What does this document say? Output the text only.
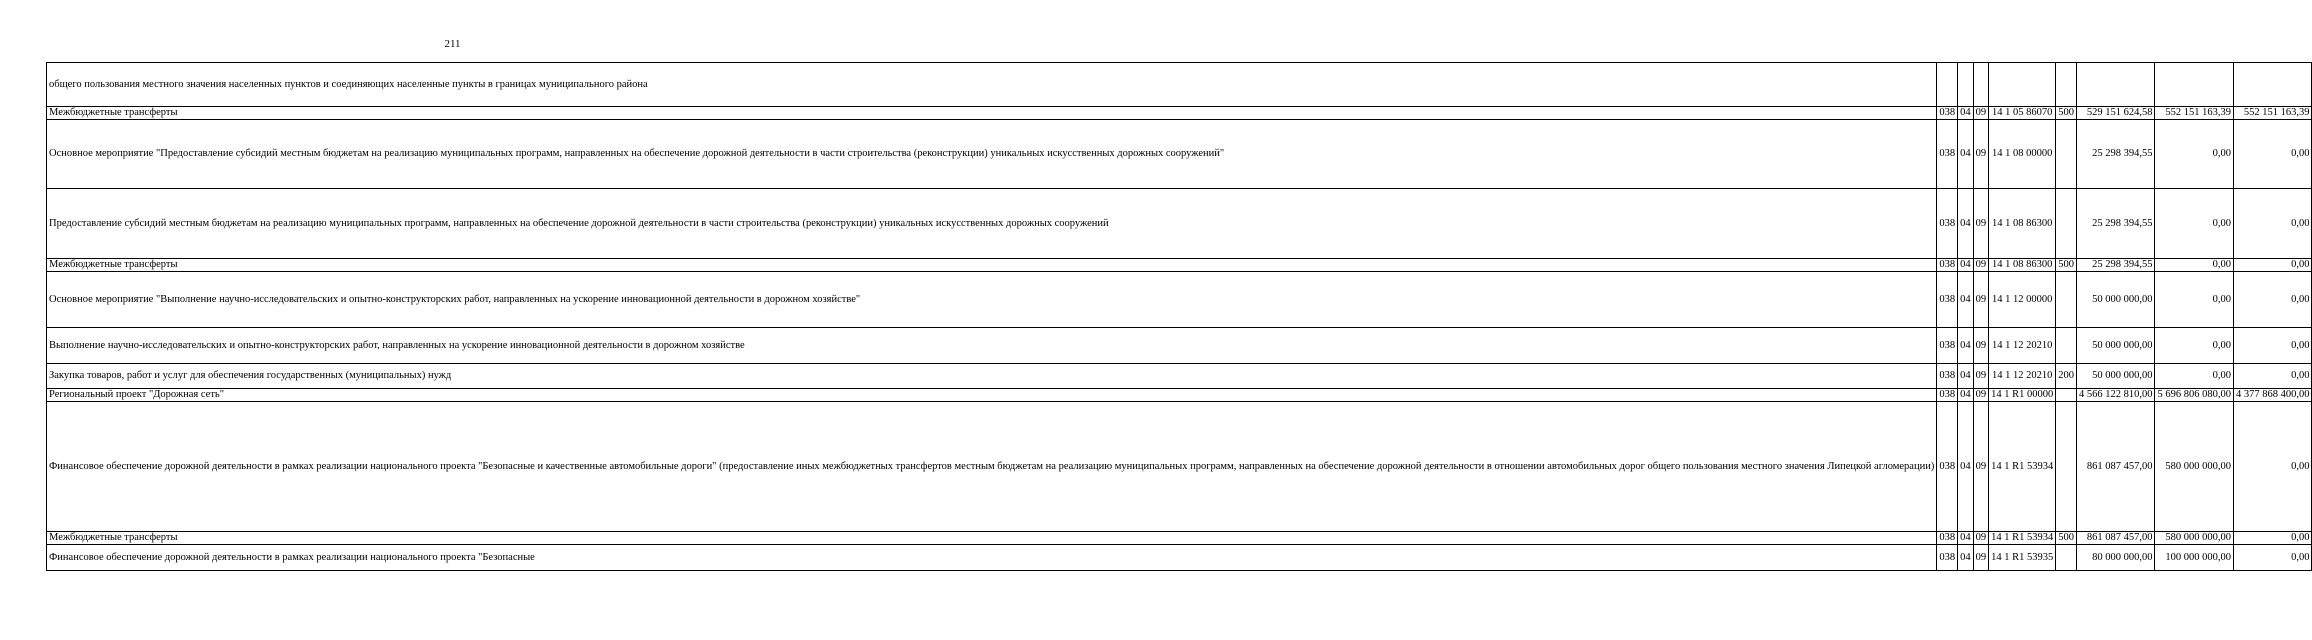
211
общего пользования местного значения населенных пунктов и соединяющих населенные пункты в границах муниципального района								
Межбюджетные трансферты	038	04	09	14 1 05 86070	500	529 151 624,58	552 151 163,39	552 151 163,39
Основное мероприятие "Предоставление субсидий местным бюджетам на реализацию муниципальных программ, направленных на обеспечение дорожной деятельности в части строительства (реконструкции) уникальных искусственных дорожных сооружений"	038	04	09	14 1 08 00000		25 298 394,55	0,00	0,00
Предоставление субсидий местным бюджетам на реализацию муниципальных программ, направленных на обеспечение дорожной деятельности в части строительства (реконструкции) уникальных искусственных дорожных сооружений	038	04	09	14 1 08 86300		25 298 394,55	0,00	0,00
Межбюджетные трансферты	038	04	09	14 1 08 86300	500	25 298 394,55	0,00	0,00
Основное мероприятие "Выполнение научно-исследовательских и опытно-конструкторских работ, направленных на ускорение инновационной деятельности в дорожном хозяйстве"	038	04	09	14 1 12 00000		50 000 000,00	0,00	0,00
Выполнение научно-исследовательских и опытно-конструкторских работ, направленных на ускорение инновационной деятельности в дорожном хозяйстве	038	04	09	14 1 12 20210		50 000 000,00	0,00	0,00
Закупка товаров, работ и услуг для обеспечения государственных (муниципальных) нужд	038	04	09	14 1 12 20210	200	50 000 000,00	0,00	0,00
Региональный проект "Дорожная сеть"	038	04	09	14 1 R1 00000		4 566 122 810,00	5 696 806 080,00	4 377 868 400,00
Финансовое обеспечение дорожной деятельности в рамках реализации национального проекта "Безопасные и качественные автомобильные дороги" (предоставление иных межбюджетных трансфертов местным бюджетам на реализацию муниципальных программ, направленных на обеспечение дорожной деятельности в отношении автомобильных дорог общего пользования местного значения Липецкой агломерации)	038	04	09	14 1 R1 53934		861 087 457,00	580 000 000,00	0,00
Межбюджетные трансферты	038	04	09	14 1 R1 53934	500	861 087 457,00	580 000 000,00	0,00
Финансовое обеспечение дорожной деятельности в рамках реализации национального проекта "Безопасные	038	04	09	14 1 R1 53935		80 000 000,00	100 000 000,00	0,00
